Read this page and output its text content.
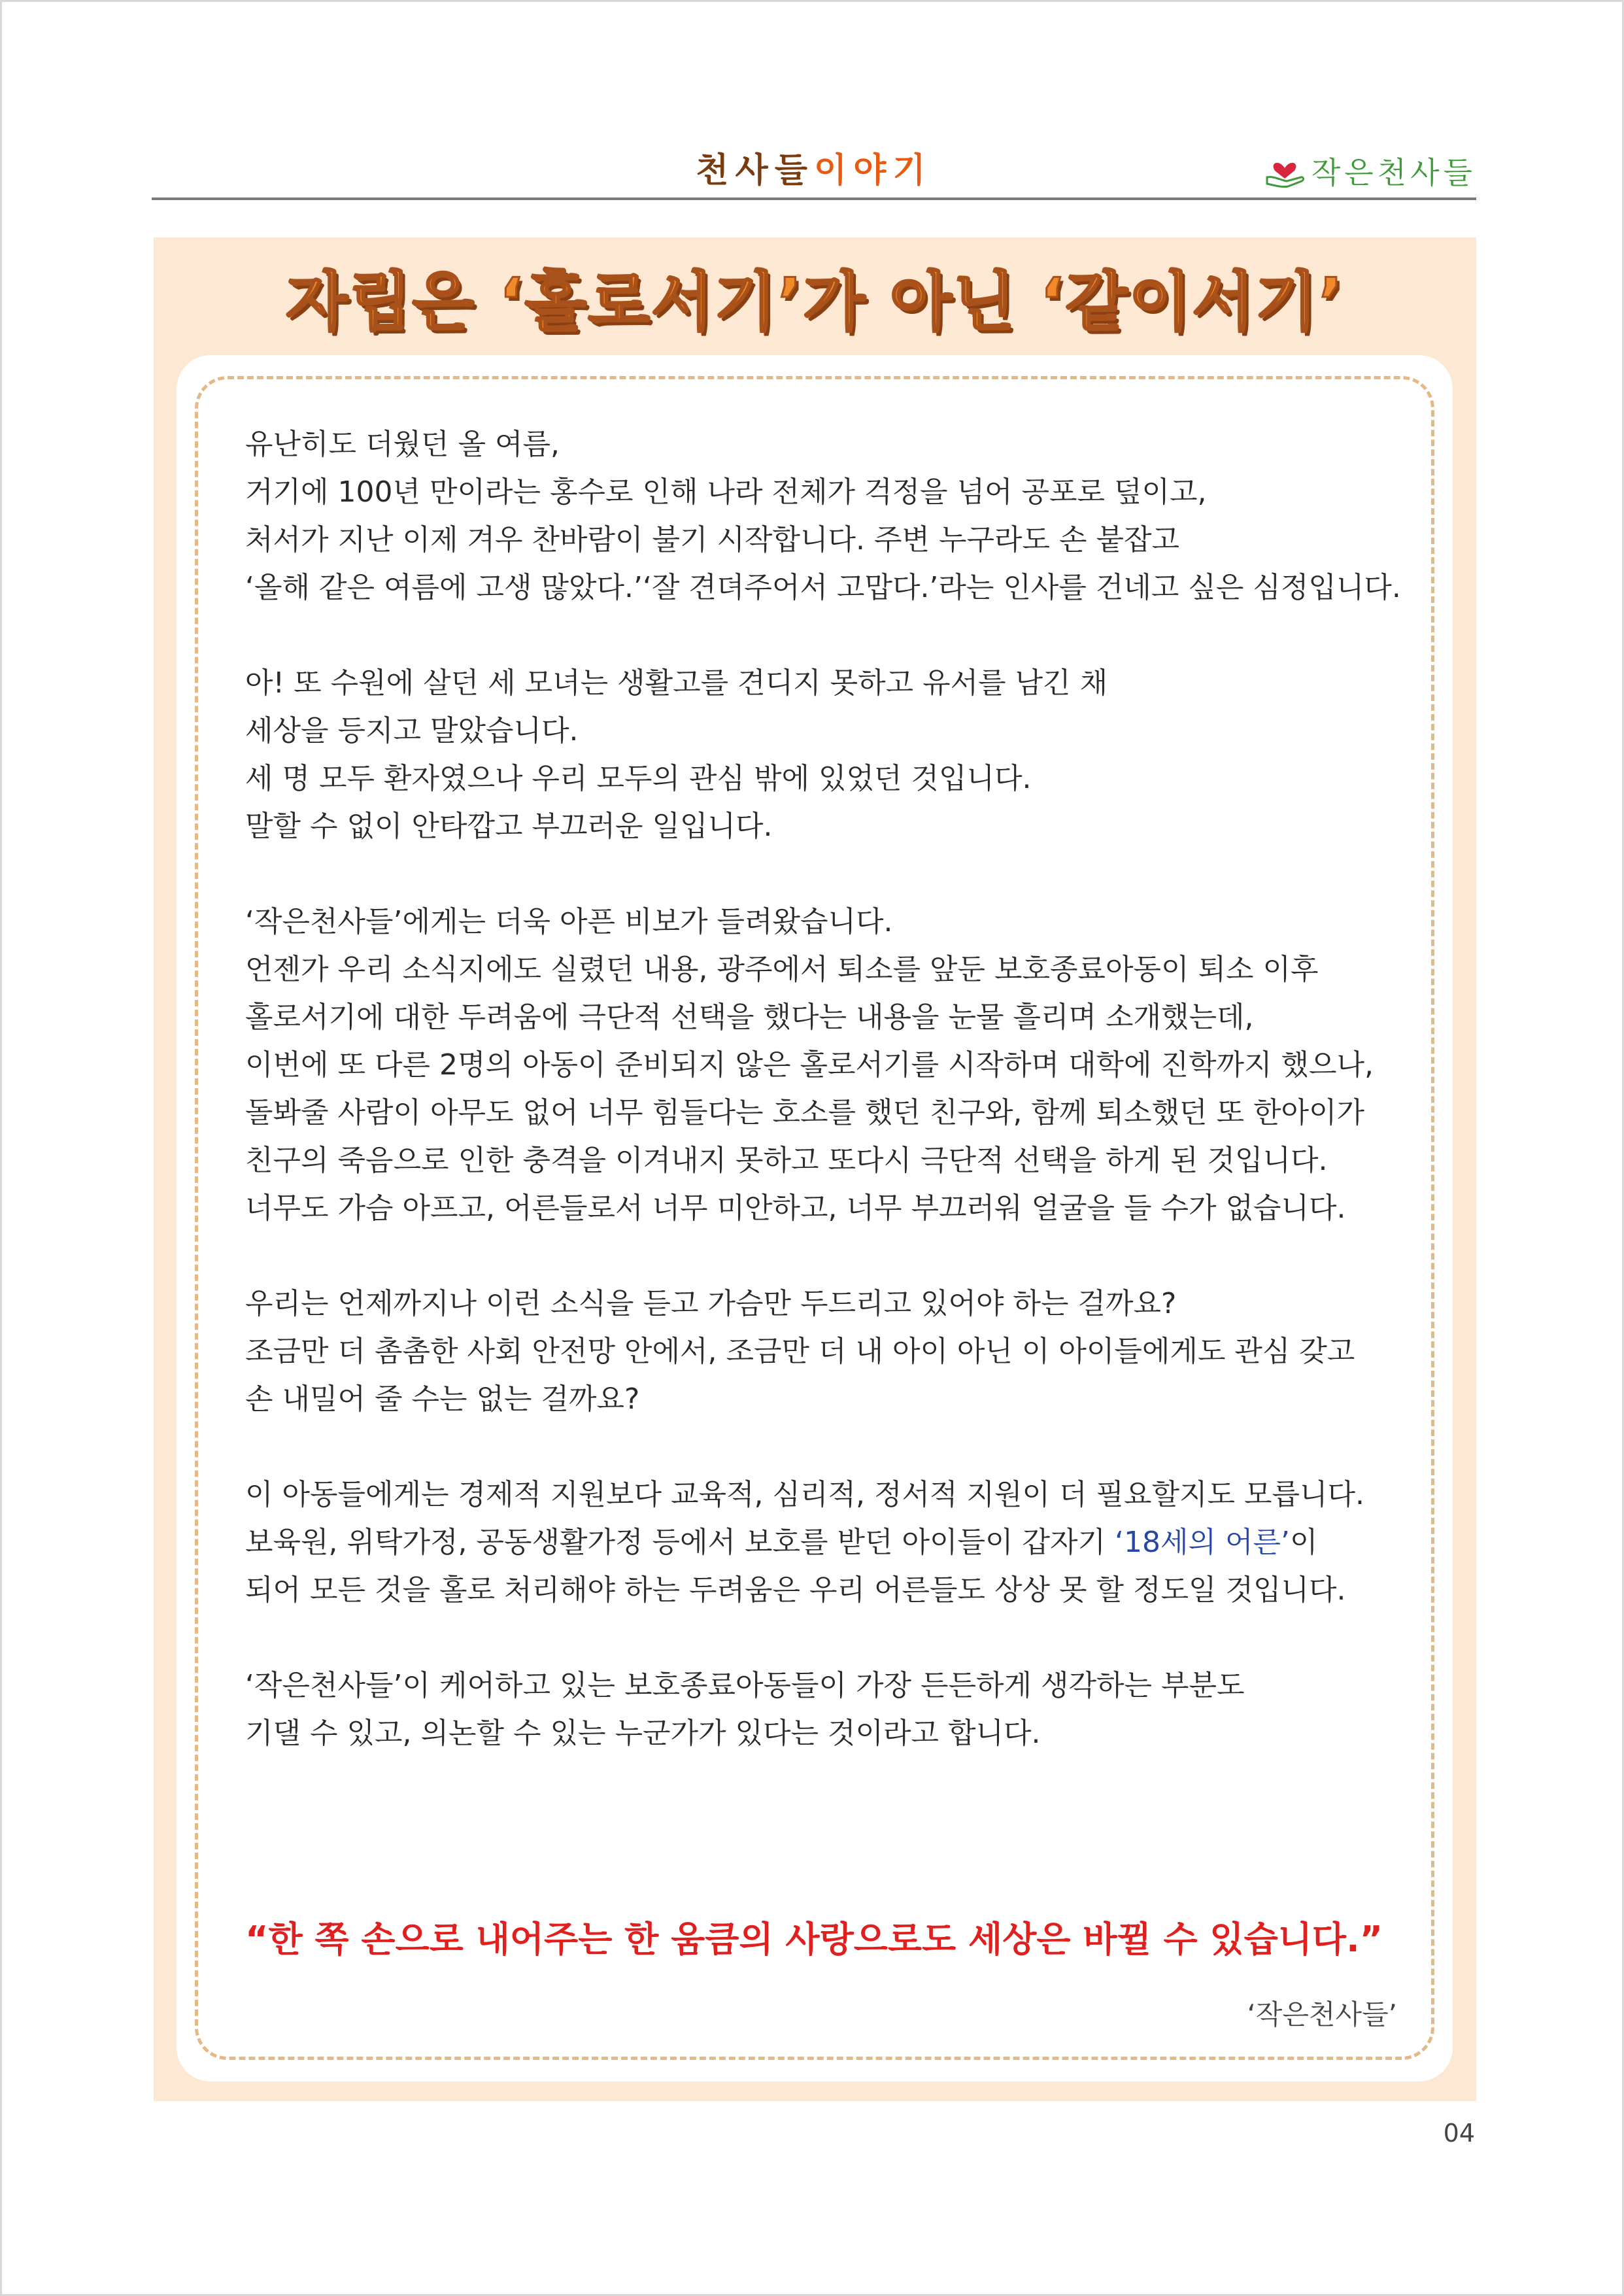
천사들이야기	작은천사들
자립은 ‘홀로서기’가 아닌 ‘같이서기’
유난히도 더웠던 올 여름,
거기에 100년 만이라는 홍수로 인해 나라 전체가 걱정을 넘어 공포로 덮이고,
처서가 지난 이제 겨우 찬바람이 불기 시작합니다. 주변 누구라도 손 붙잡고
‘올해 같은 여름에 고생 많았다.’‘잘 견뎌주어서 고맙다.’라는 인사를 건네고 싶은 심정입니다.
아! 또 수원에 살던 세 모녀는 생활고를 견디지 못하고 유서를 남긴 채
세상을 등지고 말았습니다.
세 명 모두 환자였으나 우리 모두의 관심 밖에 있었던 것입니다.
말할 수 없이 안타깝고 부끄러운 일입니다.
‘작은천사들’에게는 더욱 아픈 비보가 들려왔습니다.
언젠가 우리 소식지에도 실렸던 내용, 광주에서 퇴소를 앞둔 보호종료아동이 퇴소 이후
홀로서기에 대한 두려움에 극단적 선택을 했다는 내용을 눈물 흘리며 소개했는데,
이번에 또 다른 2명의 아동이 준비되지 않은 홀로서기를 시작하며 대학에 진학까지 했으나,
돌봐줄 사람이 아무도 없어 너무 힘들다는 호소를 했던 친구와, 함께 퇴소했던 또 한아이가
친구의 죽음으로 인한 충격을 이겨내지 못하고 또다시 극단적 선택을 하게 된 것입니다.
너무도 가슴 아프고, 어른들로서 너무 미안하고, 너무 부끄러워 얼굴을 들 수가 없습니다.
우리는 언제까지나 이런 소식을 듣고 가슴만 두드리고 있어야 하는 걸까요?
조금만 더 촘촘한 사회 안전망 안에서, 조금만 더 내 아이 아닌 이 아이들에게도 관심 갖고
손 내밀어 줄 수는 없는 걸까요?
이 아동들에게는 경제적 지원보다 교육적, 심리적, 정서적 지원이 더 필요할지도 모릅니다.
보육원, 위탁가정, 공동생활가정 등에서 보호를 받던 아이들이 갑자기 ‘18세의 어른’이
되어 모든 것을 홀로 처리해야 하는 두려움은 우리 어른들도 상상 못 할 정도일 것입니다.
‘작은천사들’이 케어하고 있는 보호종료아동들이 가장 든든하게 생각하는 부분도
기댈 수 있고, 의논할 수 있는 누군가가 있다는 것이라고 합니다.
“한 쪽 손으로 내어주는 한 움큼의 사랑으로도 세상은 바뀔 수 있습니다.”
‘작은천사들’
04
